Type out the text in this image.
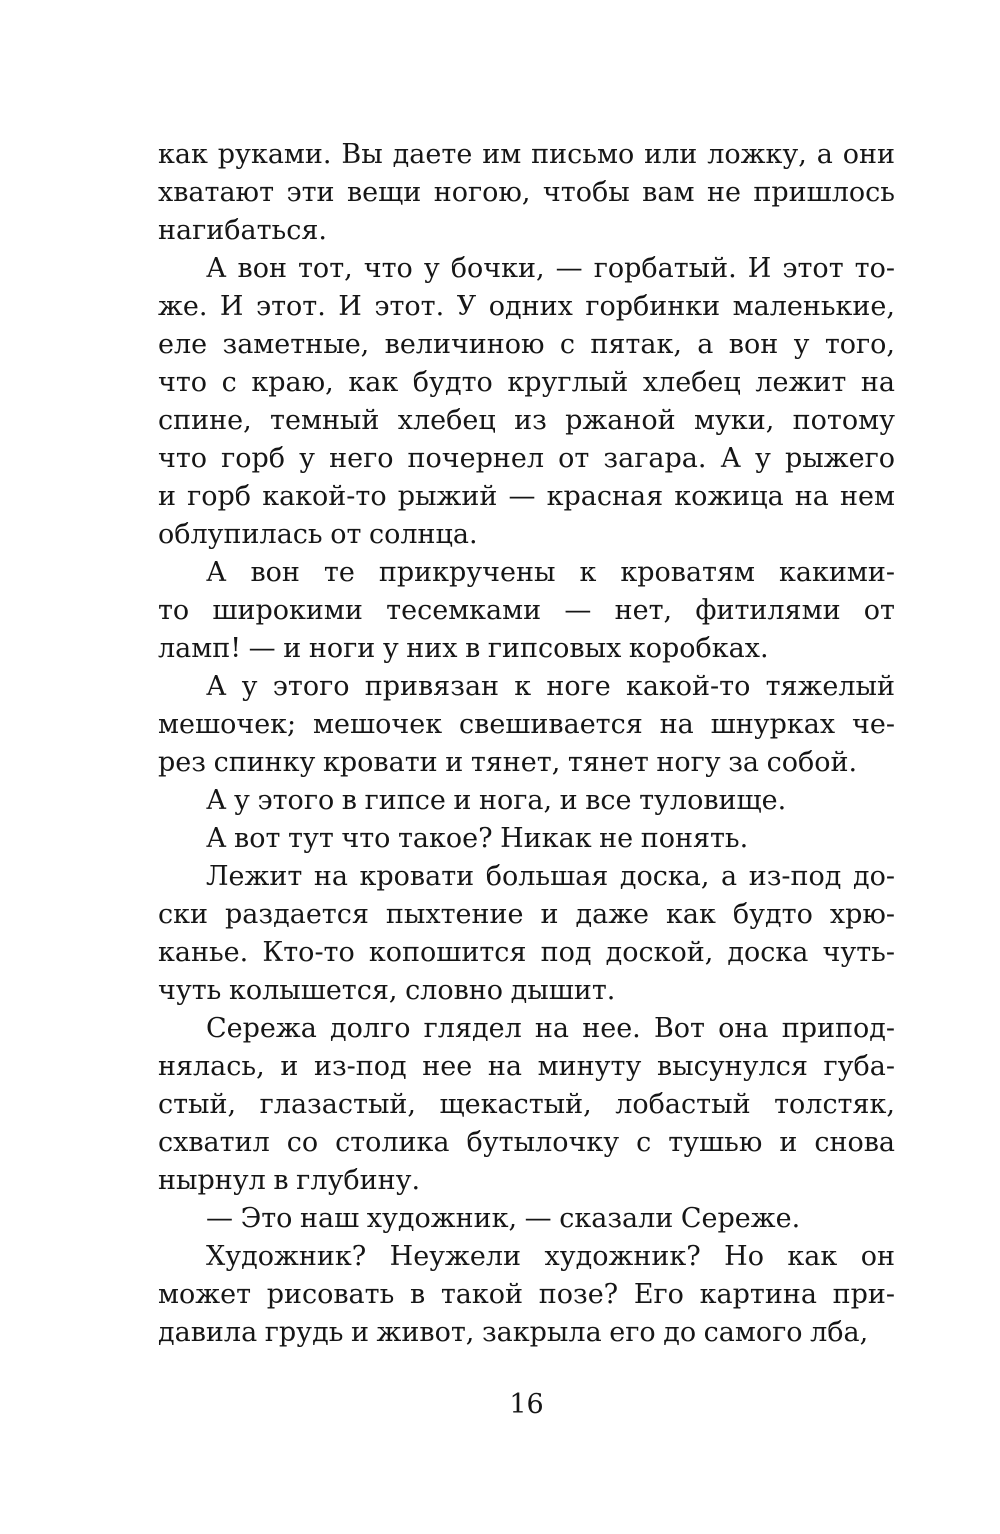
как руками. Вы даете им письмо или ложку, а они
хватают эти вещи ногою, чтобы вам не пришлось
нагибаться.
А вон тот, что у бочки, — горбатый. И этот то-
же. И этот. И этот. У одних горбинки маленькие,
еле заметные, величиною с пятак, а вон у того,
что с краю, как будто круглый хлебец лежит на
спине, темный хлебец из ржаной муки, потому
что горб у него почернел от загара. А у рыжего
и горб какой-то рыжий — красная кожица на нем
облупилась от солнца.
А вон те прикручены к кроватям какими-
то широкими тесемками — нет, фитилями от
ламп! — и ноги у них в гипсовых коробках.
А у этого привязан к ноге какой-то тяжелый
мешочек; мешочек свешивается на шнурках че-
рез спинку кровати и тянет, тянет ногу за собой.
А у этого в гипсе и нога, и все туловище.
А вот тут что такое? Никак не понять.
Лежит на кровати большая доска, а из-под до-
ски раздается пыхтение и даже как будто хрю-
канье. Кто-то копошится под доской, доска чуть-
чуть колышется, словно дышит.
Сережа долго глядел на нее. Вот она припод-
нялась, и из-под нее на минуту высунулся губа-
стый, глазастый, щекастый, лобастый толстяк,
схватил со столика бутылочку с тушью и снова
нырнул в глубину.
— Это наш художник, — сказали Сереже.
Художник? Неужели художник? Но как он
может рисовать в такой позе? Его картина при-
давила грудь и живот, закрыла его до самого лба,
16
